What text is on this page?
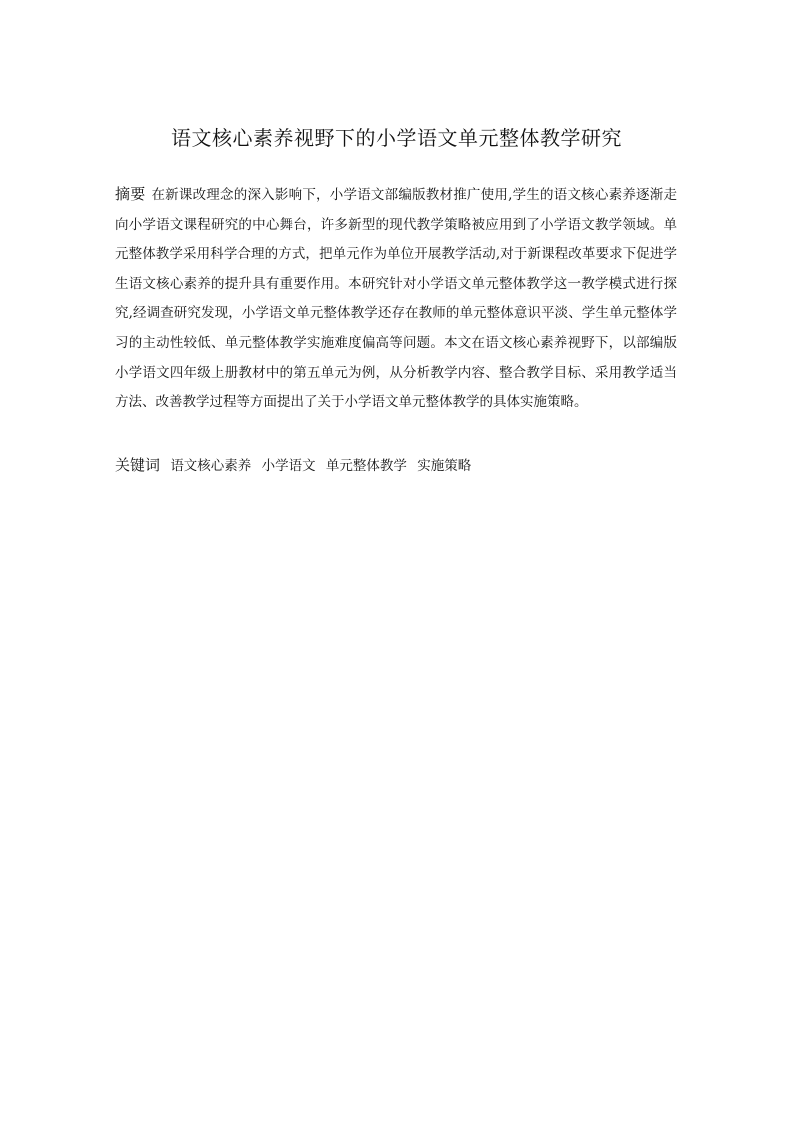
语文核心素养视野下的小学语文单元整体教学研究
摘要 在新课改理念的深入影响下，小学语文部编版教材推广使用,学生的语文核心素养逐渐走向小学语文课程研究的中心舞台，许多新型的现代教学策略被应用到了小学语文教学领域。单元整体教学采用科学合理的方式，把单元作为单位开展教学活动,对于新课程改革要求下促进学生语文核心素养的提升具有重要作用。本研究针对小学语文单元整体教学这一教学模式进行探究,经调查研究发现，小学语文单元整体教学还存在教师的单元整体意识平淡、学生单元整体学习的主动性较低、单元整体教学实施难度偏高等问题。本文在语文核心素养视野下，以部编版小学语文四年级上册教材中的第五单元为例，从分析教学内容、整合教学目标、采用教学适当方法、改善教学过程等方面提出了关于小学语文单元整体教学的具体实施策略。
关键词 语文核心素养 小学语文 单元整体教学 实施策略
